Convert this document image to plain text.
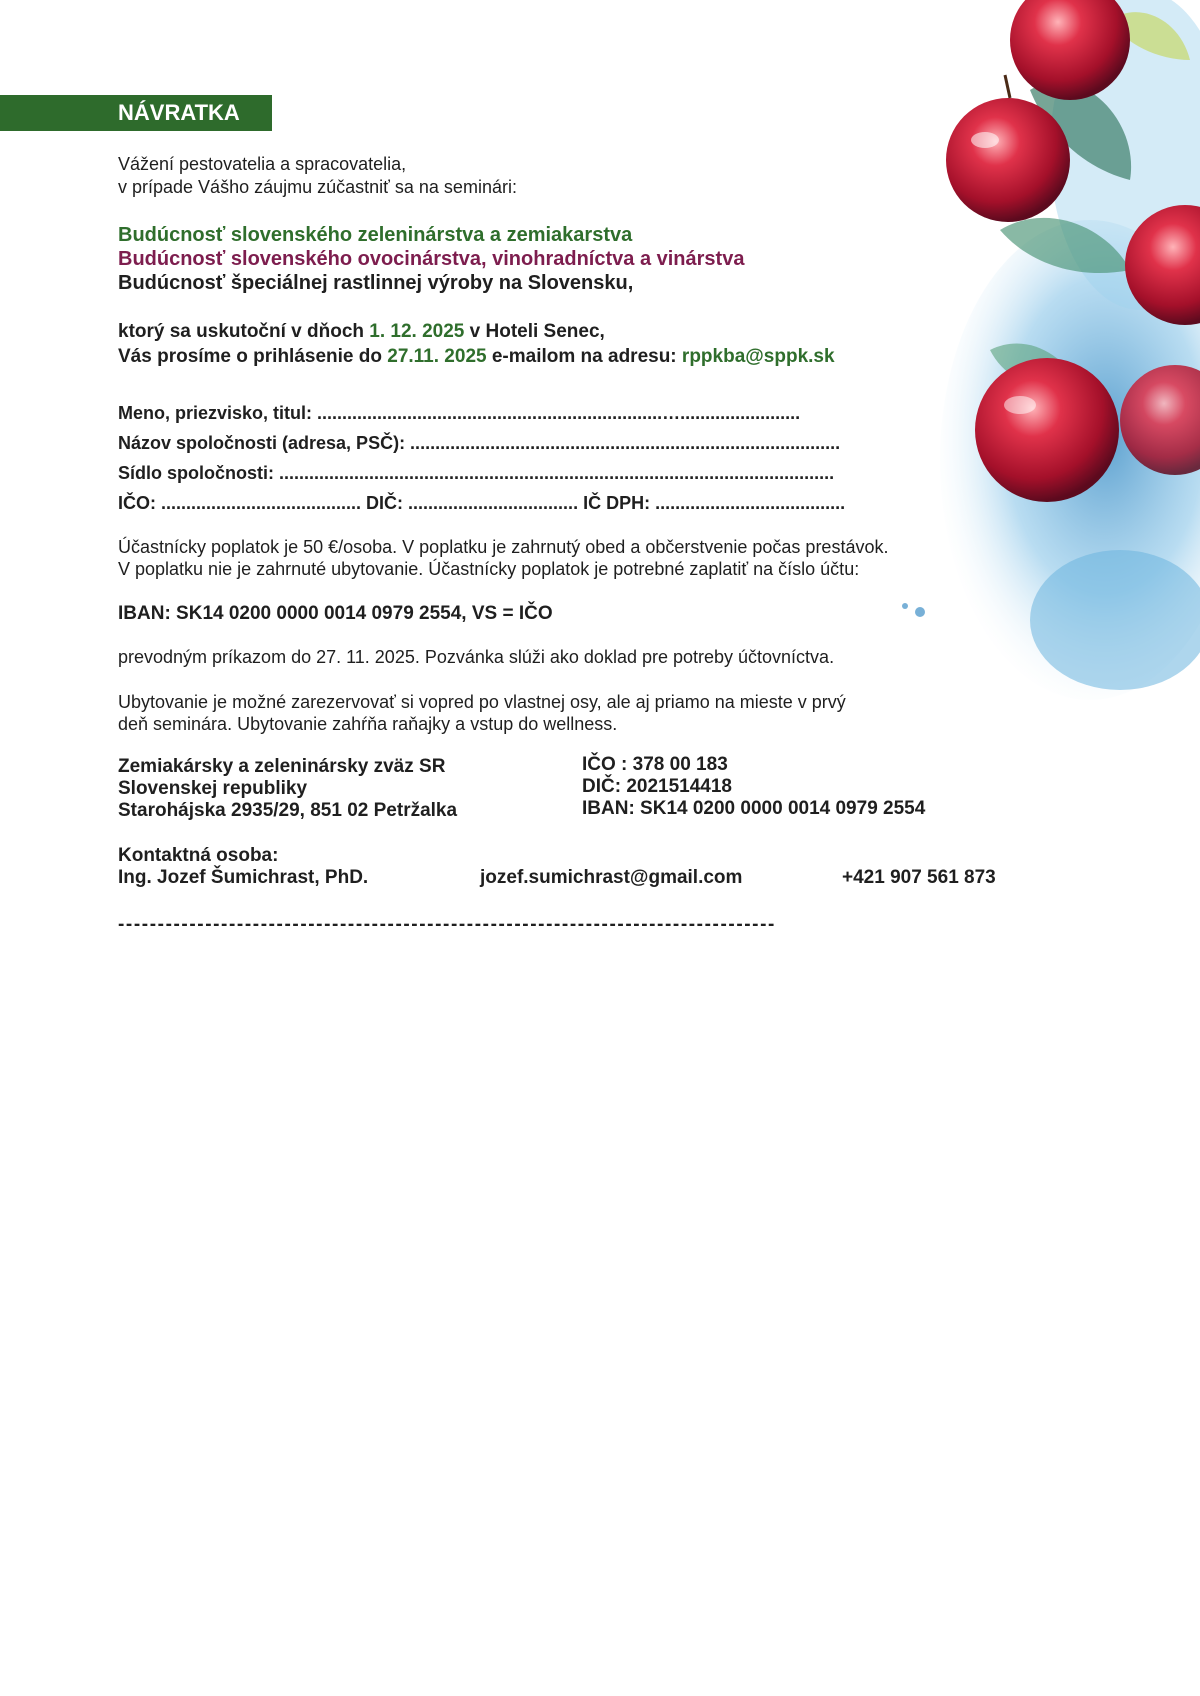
NÁVRATKA
Vážení pestovatelia a spracovatelia,
v prípade Vášho záujmu zúčastniť sa na seminári:
Budúcnosť slovenského zeleninárstva a zemiakarstva
Budúcnosť slovenského ovocinárstva, vinohradníctva a vinárstva
Budúcnosť špeciálnej rastlinnej výroby na Slovensku,
ktorý sa uskutoční v dňoch 1. 12. 2025 v Hoteli Senec,
Vás prosíme o prihlásenie do 27.11. 2025 e-mailom na adresu: rppkba@sppk.sk
Meno, priezvisko, titul: .....................................................................…........................
Názov spoločnosti (adresa, PSČ): ......................................................................................
Sídlo spoločnosti: ...............................................................................................................
IČO: ........................................ DIČ: .................................. IČ DPH: ......................................
Účastnícky poplatok je 50 €/osoba. V poplatku je zahrnutý obed a občerstvenie počas prestávok.
V poplatku nie je zahrnuté ubytovanie. Účastnícky poplatok je potrebné zaplatiť na číslo účtu:
IBAN: SK14 0200 0000 0014 0979 2554, VS = IČO
prevodným príkazom do 27. 11. 2025. Pozvánka slúži ako doklad pre potreby účtovníctva.
Ubytovanie je možné zarezervovať si vopred po vlastnej osy, ale aj priamo na mieste v prvý
deň seminára. Ubytovanie zahŕňa raňajky a vstup do wellness.
Zemiakársky a zeleninársky zväz SR
Slovenskej republiky
Starohájska 2935/29, 851 02 Petržalka
IČO : 378 00 183
DIČ: 2021514418
IBAN: SK14 0200 0000 0014 0979 2554
Kontaktná osoba:
Ing. Jozef Šumichrast, PhD.	jozef.sumichrast@gmail.com	+421 907 561 873
-----------------------------------------------------------------------------------
